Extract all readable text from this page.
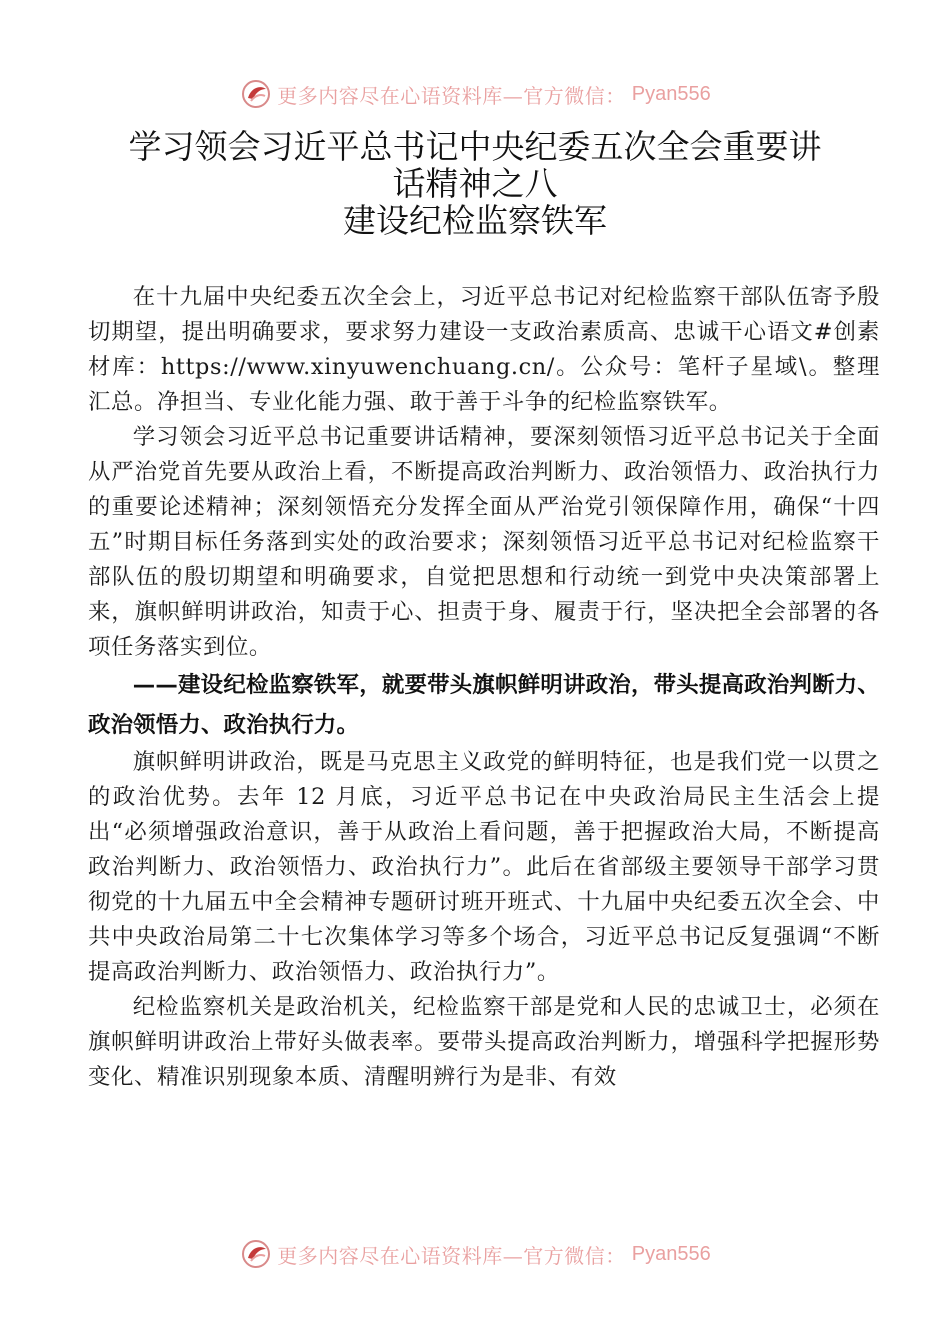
更多内容尽在心语资料库—官方微信： Pyan556
学习领会习近平总书记中央纪委五次全会重要讲
话精神之八
建设纪检监察铁军

在十九届中央纪委五次全会上，习近平总书记对纪检监察干部队伍寄予殷切期望，提出明确要求，要求努力建设一支政治素质高、忠诚干心语文#创素材库：https://www.xinyuwenchuang.cn/。公众号：笔杆子星域\。整理汇总。净担当、专业化能力强、敢于善于斗争的纪检监察铁军。

学习领会习近平总书记重要讲话精神，要深刻领悟习近平总书记关于全面从严治党首先要从政治上看，不断提高政治判断力、政治领悟力、政治执行力的重要论述精神；深刻领悟充分发挥全面从严治党引领保障作用，确保“十四五”时期目标任务落到实处的政治要求；深刻领悟习近平总书记对纪检监察干部队伍的殷切期望和明确要求，自觉把思想和行动统一到党中央决策部署上来，旗帜鲜明讲政治，知责于心、担责于身、履责于行，坚决把全会部署的各项任务落实到位。

——建设纪检监察铁军，就要带头旗帜鲜明讲政治，带头提高政治判断力、政治领悟力、政治执行力。

旗帜鲜明讲政治，既是马克思主义政党的鲜明特征，也是我们党一以贯之的政治优势。去年 12 月底，习近平总书记在中央政治局民主生活会上提出“必须增强政治意识，善于从政治上看问题，善于把握政治大局，不断提高政治判断力、政治领悟力、政治执行力”。此后在省部级主要领导干部学习贯彻党的十九届五中全会精神专题研讨班开班式、十九届中央纪委五次全会、中共中央政治局第二十七次集体学习等多个场合，习近平总书记反复强调“不断提高政治判断力、政治领悟力、政治执行力”。

纪检监察机关是政治机关，纪检监察干部是党和人民的忠诚卫士，必须在旗帜鲜明讲政治上带好头做表率。要带头提高政治判断力，增强科学把握形势变化、精准识别现象本质、清醒明辨行为是非、有效

更多内容尽在心语资料库—官方微信： Pyan556
